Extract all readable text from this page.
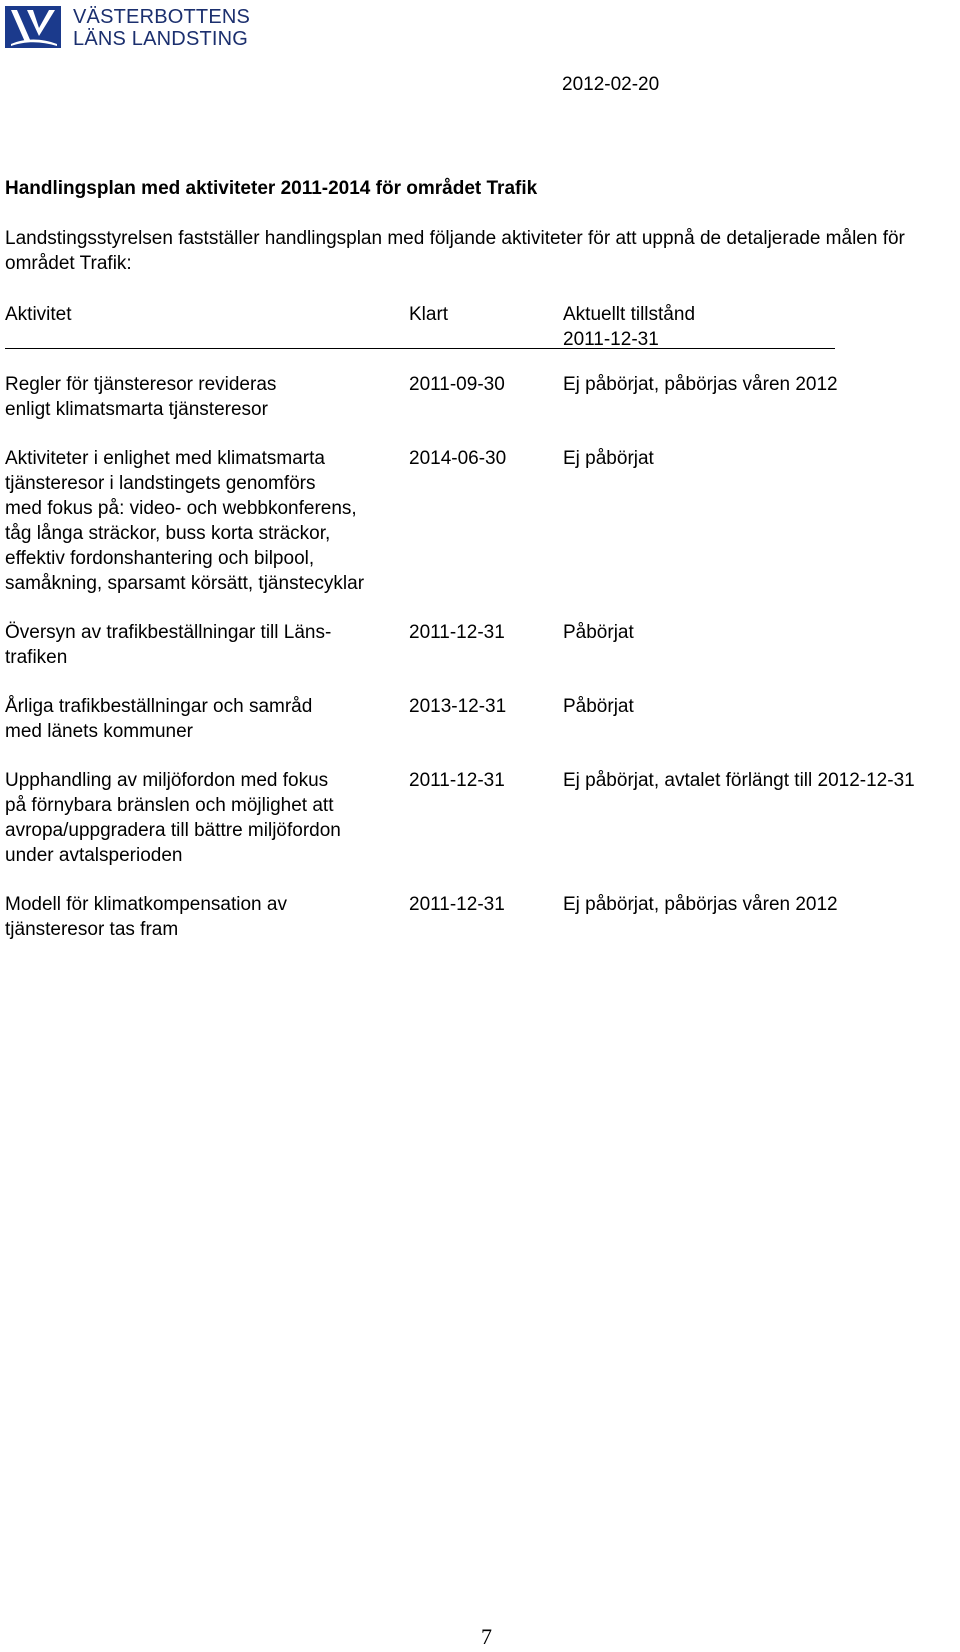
VÄSTERBOTTENS
LÄNS LANDSTING
2012-02-20
Handlingsplan med aktiviteter 2011-2014 för området Trafik
Landstingsstyrelsen fastställer handlingsplan med följande aktiviteter för att uppnå de detaljerade målen för området Trafik:
Aktivitet	Klart	Aktuellt tillstånd
2011-12-31
Regler för tjänsteresor revideras
enligt klimatsmarta tjänsteresor
2011-09-30	Ej påbörjat, påbörjas våren 2012
Aktiviteter i enlighet med klimatsmarta
tjänsteresor i landstingets genomförs
med fokus på: video- och webbkonferens,
tåg långa sträckor, buss korta sträckor,
effektiv fordonshantering och bilpool,
samåkning, sparsamt körsätt, tjänstecyklar
2014-06-30	Ej påbörjat
Översyn av trafikbeställningar till Läns-
trafiken
2011-12-31	Påbörjat
Årliga trafikbeställningar och samråd
med länets kommuner
2013-12-31	Påbörjat
Upphandling av miljöfordon med fokus
på förnybara bränslen och möjlighet att
avropa/uppgradera till bättre miljöfordon
under avtalsperioden
2011-12-31	Ej påbörjat, avtalet förlängt till 2012-12-31
Modell för klimatkompensation av
tjänsteresor tas fram
2011-12-31	Ej påbörjat, påbörjas våren 2012
7
